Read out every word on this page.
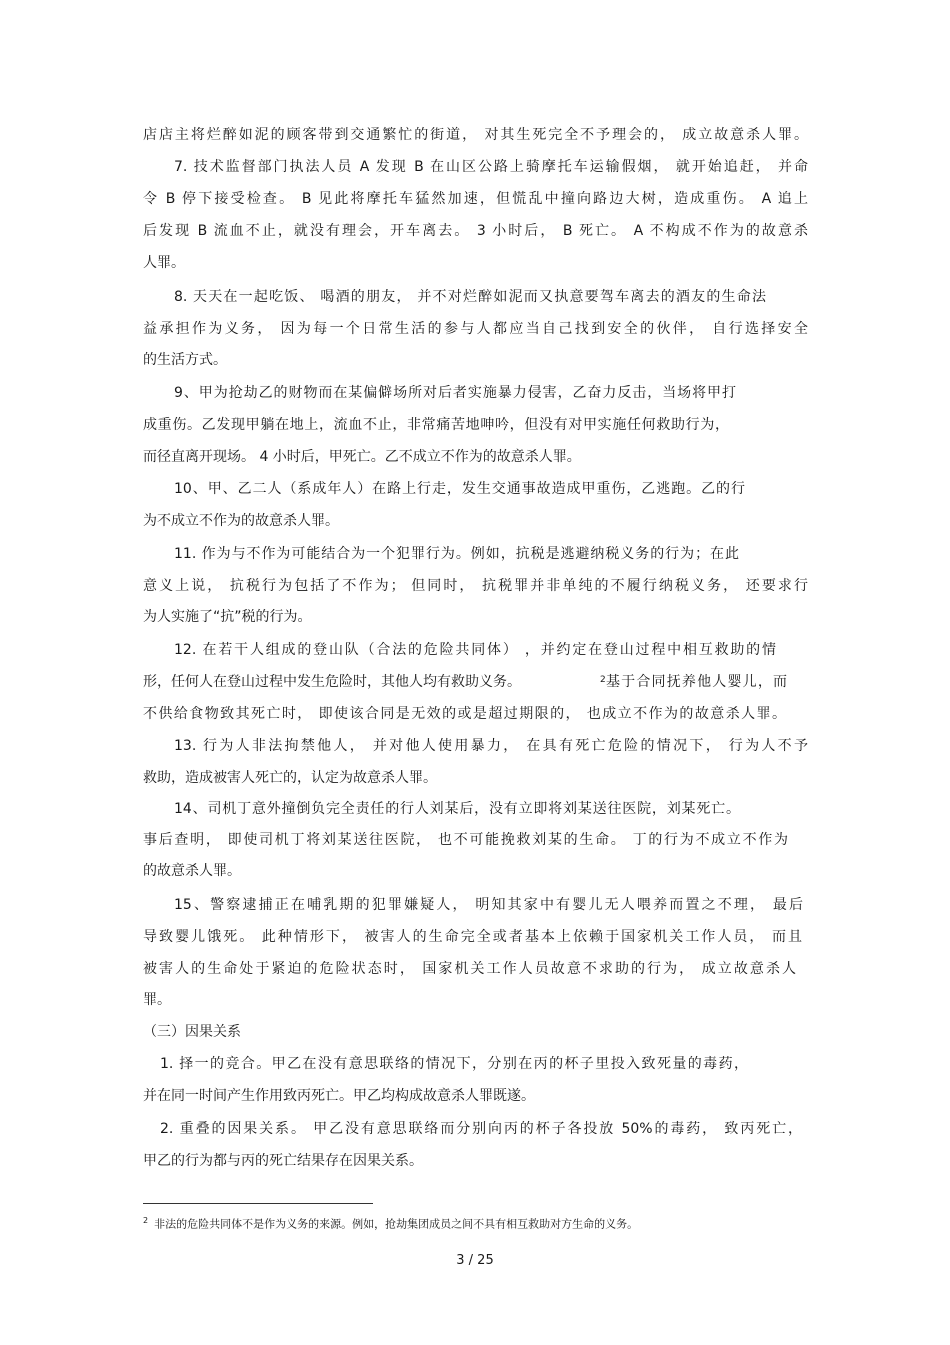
店店主将烂醉如泥的顾客带到交通繁忙的街道， 对其生死完全不予理会的， 成立故意杀人罪。
7. 技术监督部门执法人员 A 发现 B 在山区公路上骑摩托车运输假烟， 就开始追赶， 并命
令 B 停下接受检查。 B 见此将摩托车猛然加速，但慌乱中撞向路边大树，造成重伤。 A 追上
后发现 B 流血不止，就没有理会，开车离去。 3 小时后， B 死亡。 A 不构成不作为的故意杀
人罪。
8. 天天在一起吃饭、 喝酒的朋友， 并不对烂醉如泥而又执意要驾车离去的酒友的生命法
益承担作为义务， 因为每一个日常生活的参与人都应当自己找到安全的伙伴， 自行选择安全
的生活方式。
9、甲为抢劫乙的财物而在某偏僻场所对后者实施暴力侵害，乙奋力反击，当场将甲打
成重伤。乙发现甲躺在地上，流血不止，非常痛苦地呻吟，但没有对甲实施任何救助行为，
而径直离开现场。 4 小时后，甲死亡。乙不成立不作为的故意杀人罪。
10、甲、乙二人（系成年人）在路上行走，发生交通事故造成甲重伤，乙逃跑。乙的行
为不成立不作为的故意杀人罪。
11. 作为与不作为可能结合为一个犯罪行为。例如，抗税是逃避纳税义务的行为；在此
意义上说， 抗税行为包括了不作为； 但同时， 抗税罪并非单纯的不履行纳税义务， 还要求行
为人实施了“抗”税的行为。
12. 在若干人组成的登山队（合法的危险共同体） ，并约定在登山过程中相互救助的情
形，任何人在登山过程中发生危险时，其他人均有救助义务。	2 基于合同抚养他人婴儿，而
不供给食物致其死亡时， 即使该合同是无效的或是超过期限的， 也成立不作为的故意杀人罪。
13. 行为人非法拘禁他人， 并对他人使用暴力， 在具有死亡危险的情况下， 行为人不予
救助，造成被害人死亡的，认定为故意杀人罪。
14、司机丁意外撞倒负完全责任的行人刘某后，没有立即将刘某送往医院，刘某死亡。
事后查明， 即使司机丁将刘某送往医院， 也不可能挽救刘某的生命。 丁的行为不成立不作为
的故意杀人罪。
15、警察逮捕正在哺乳期的犯罪嫌疑人， 明知其家中有婴儿无人喂养而置之不理， 最后
导致婴儿饿死。 此种情形下， 被害人的生命完全或者基本上依赖于国家机关工作人员， 而且
被害人的生命处于紧迫的危险状态时， 国家机关工作人员故意不求助的行为， 成立故意杀人
罪。
（三）因果关系
1. 择一的竞合。甲乙在没有意思联络的情况下，分别在丙的杯子里投入致死量的毒药，
并在同一时间产生作用致丙死亡。甲乙均构成故意杀人罪既遂。
2. 重叠的因果关系。 甲乙没有意思联络而分别向丙的杯子各投放 50%的毒药， 致丙死亡，
甲乙的行为都与丙的死亡结果存在因果关系。
$^2$ 非法的危险共同体不是作为义务的来源。例如，抢劫集团成员之间不具有相互救助对方生命的义务。
3 / 25
